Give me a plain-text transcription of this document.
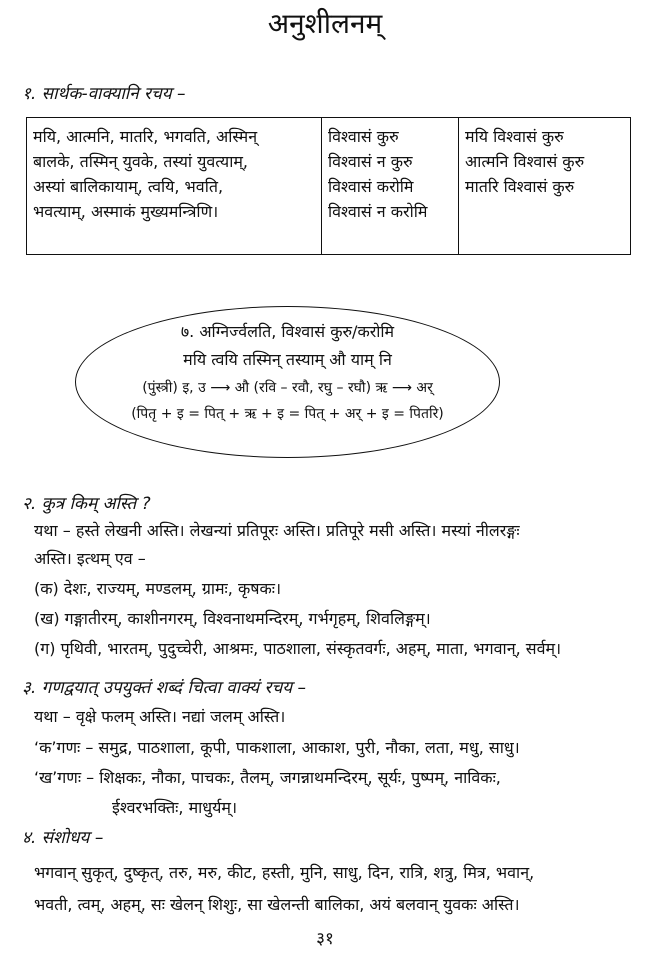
अनुशीलनम्
१. सार्थक-वाक्यानि रचय –
मयि, आत्मनि, मातरि, भगवति, अस्मिन्
बालके, तस्मिन् युवके, तस्यां युवत्याम्,
अस्यां बालिकायाम्, त्वयि, भवति,
भवत्याम्, अस्माकं मुख्यमन्त्रिणि।
विश्वासं कुरु
विश्वासं न कुरु
विश्वासं करोमि
विश्वासं न करोमि
मयि विश्वासं कुरु
आत्मनि विश्वासं कुरु
मातरि विश्वासं कुरु
७. अग्निर्ज्वलति, विश्वासं कुरु/करोमि
मयि त्वयि तस्मिन् तस्याम् औ याम् नि
(पुंस्त्री) इ, उ ⟶ औ (रवि – रवौ, रघु – रघौ) ऋ ⟶ अर्
(पितृ + इ = पित् + ऋ + इ = पित् + अर् + इ = पितरि)
२. कुत्र किम् अस्ति ?
यथा – हस्ते लेखनी अस्ति। लेखन्यां प्रतिपूरः अस्ति। प्रतिपूरे मसी अस्ति। मस्यां नीलरङ्गः
अस्ति। इत्थम् एव –
(क) देशः, राज्यम्, मण्डलम्, ग्रामः, कृषकः।
(ख) गङ्गातीरम्, काशीनगरम्, विश्वनाथमन्दिरम्, गर्भगृहम्, शिवलिङ्गम्।
(ग) पृथिवी, भारतम्, पुदुच्चेरी, आश्रमः, पाठशाला, संस्कृतवर्गः, अहम्, माता, भगवान्, सर्वम्।
३. गणद्वयात् उपयुक्तं शब्दं चित्वा वाक्यं रचय –
यथा – वृक्षे फलम् अस्ति। नद्यां जलम् अस्ति।
‘क’गणः – समुद्र, पाठशाला, कूपी, पाकशाला, आकाश, पुरी, नौका, लता, मधु, साधु।
‘ख’गणः – शिक्षकः, नौका, पाचकः, तैलम्, जगन्नाथमन्दिरम्, सूर्यः, पुष्पम्, नाविकः,
ईश्वरभक्तिः, माधुर्यम्।
४. संशोधय –
भगवान् सुकृत्, दुष्कृत्, तरु, मरु, कीट, हस्ती, मुनि, साधु, दिन, रात्रि, शत्रु, मित्र, भवान्,
भवती, त्वम्, अहम्, सः खेलन् शिशुः, सा खेलन्ती बालिका, अयं बलवान् युवकः अस्ति।
३१
